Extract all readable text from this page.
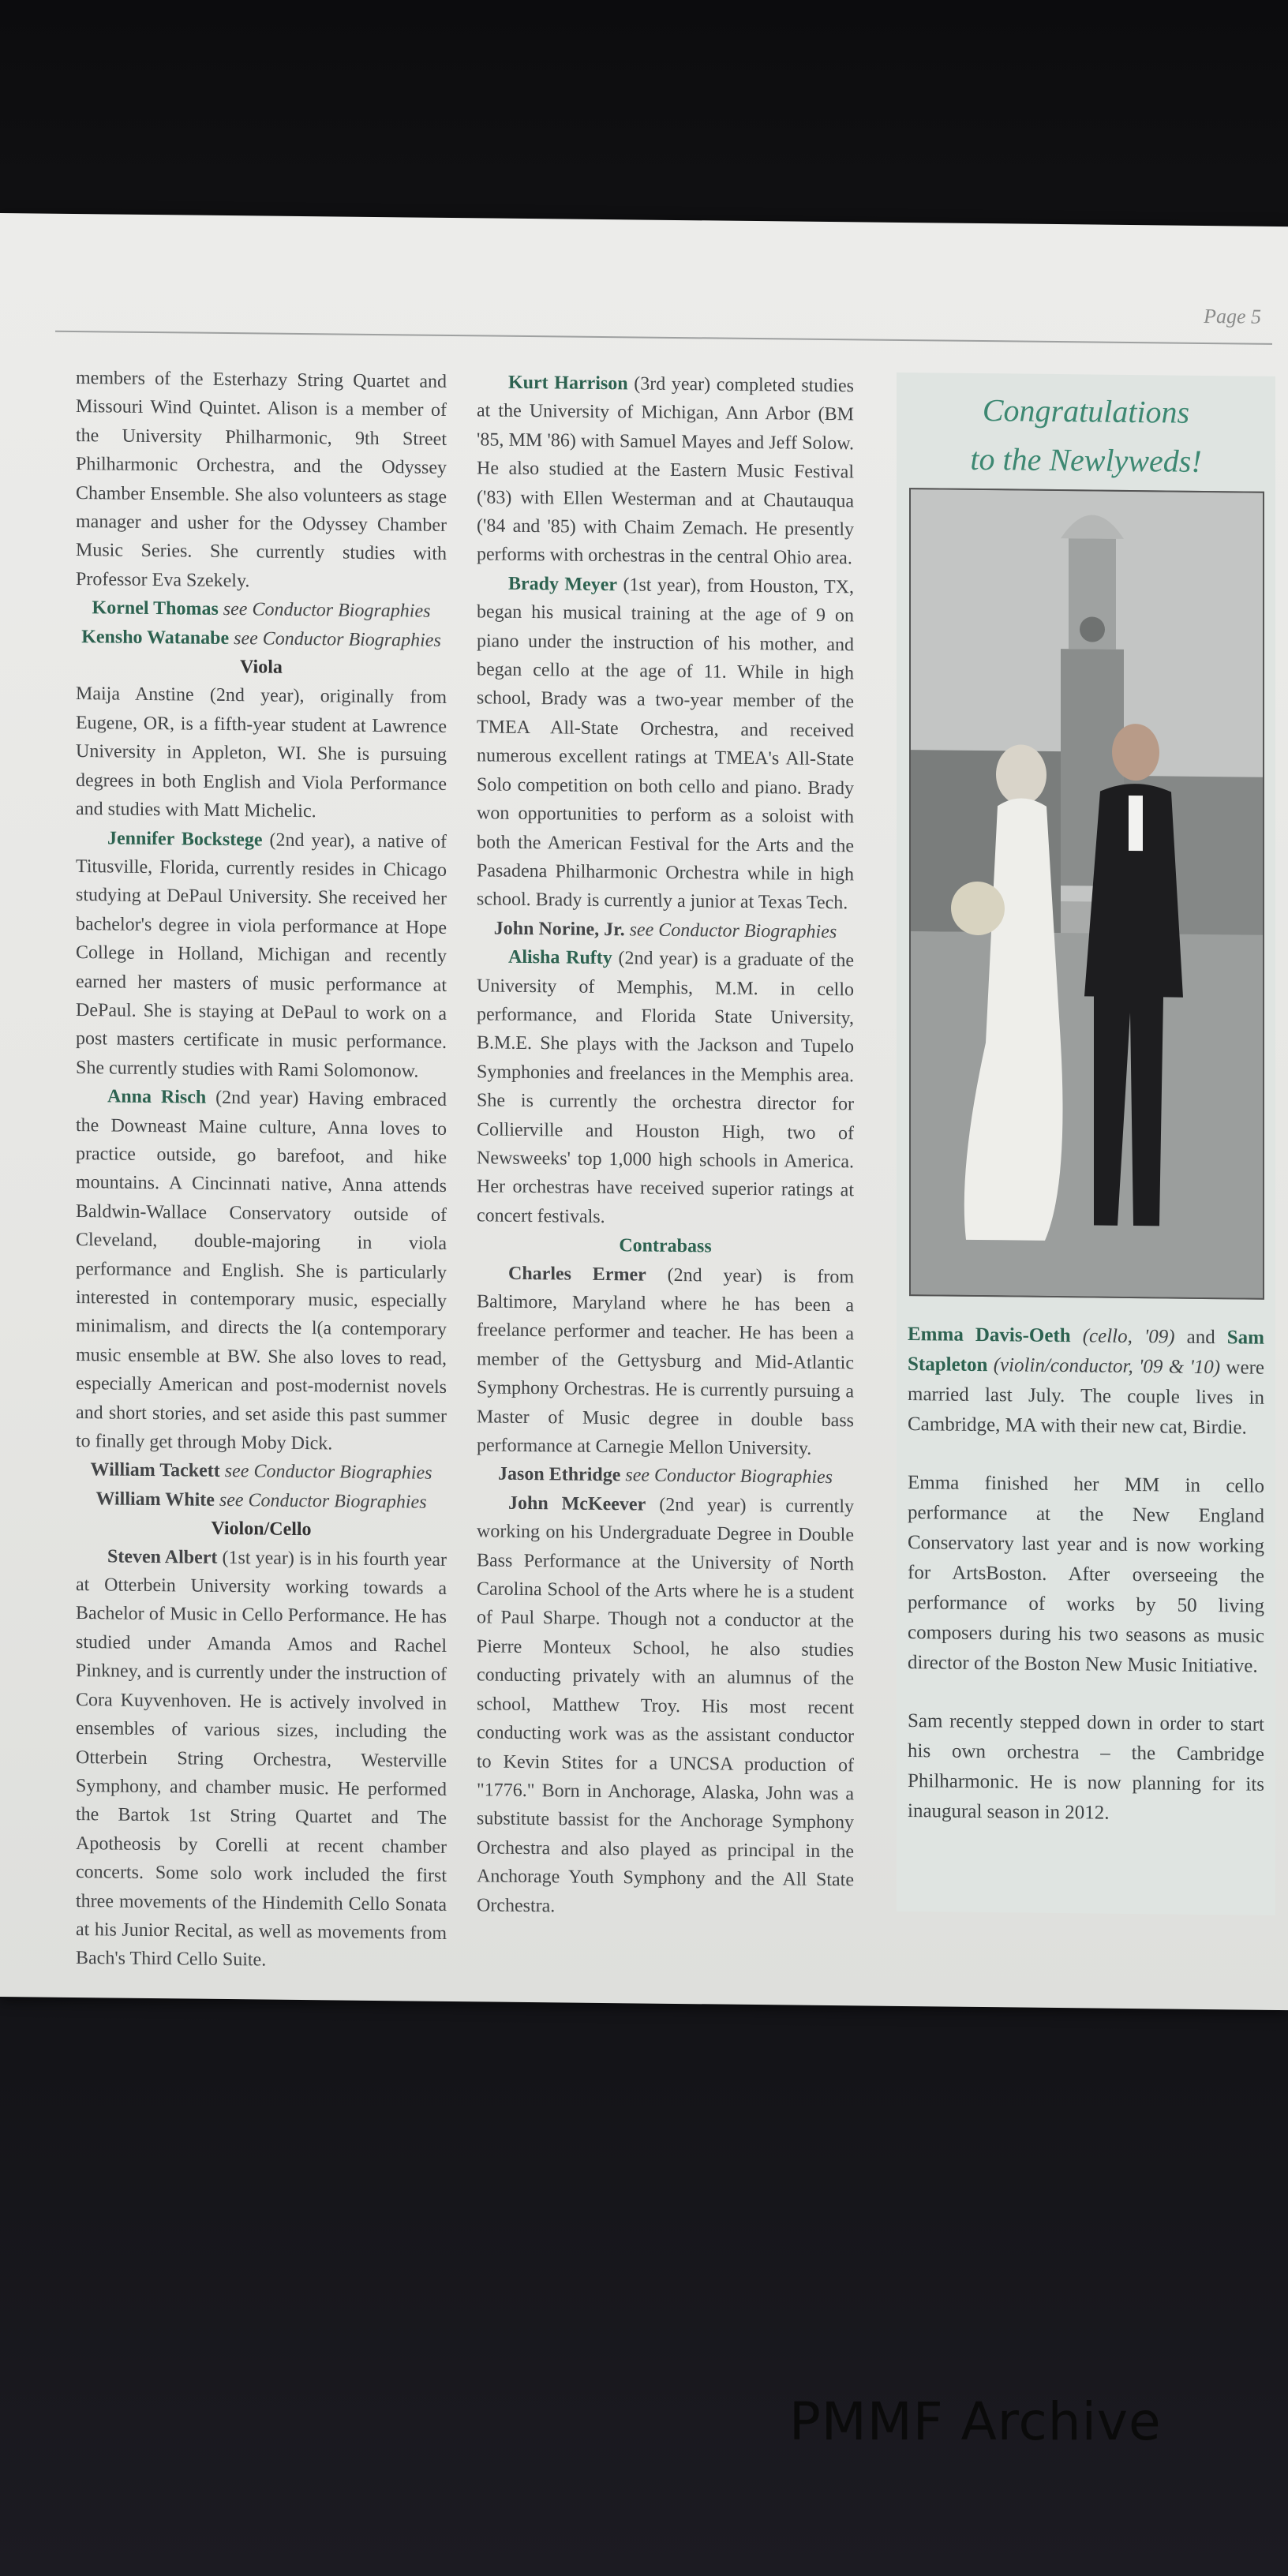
Page 5

members of the Esterhazy String Quartet and Missouri Wind Quintet. Alison is a member of the University Philharmonic, 9th Street Philharmonic Orchestra, and the Odyssey Chamber Ensemble. She also volunteers as stage manager and usher for the Odyssey Chamber Music Series. She currently studies with Professor Eva Szekely.

Kornel Thomas see Conductor Biographies

Kensho Watanabe see Conductor Biographies

Viola

Maija Anstine (2nd year), originally from Eugene, OR, is a fifth-year student at Lawrence University in Appleton, WI. She is pursuing degrees in both English and Viola Performance and studies with Matt Michelic.

Jennifer Bockstege (2nd year), a native of Titusville, Florida, currently resides in Chicago studying at DePaul University. She received her bachelor's degree in viola performance at Hope College in Holland, Michigan and recently earned her masters of music performance at DePaul. She is staying at DePaul to work on a post masters certificate in music performance. She currently studies with Rami Solomonow.

Anna Risch (2nd year) Having embraced the Downeast Maine culture, Anna loves to practice outside, go barefoot, and hike mountains. A Cincinnati native, Anna attends Baldwin-Wallace Conservatory outside of Cleveland, double-majoring in viola performance and English. She is particularly interested in contemporary music, especially minimalism, and directs the l(a contemporary music ensemble at BW. She also loves to read, especially American and post-modernist novels and short stories, and set aside this past summer to finally get through Moby Dick.

William Tackett see Conductor Biographies

William White see Conductor Biographies

Violon/Cello

Steven Albert (1st year) is in his fourth year at Otterbein University working towards a Bachelor of Music in Cello Performance. He has studied under Amanda Amos and Rachel Pinkney, and is currently under the instruction of Cora Kuyvenhoven. He is actively involved in ensembles of various sizes, including the Otterbein String Orchestra, Westerville Symphony, and chamber music. He performed the Bartok 1st String Quartet and The Apotheosis by Corelli at recent chamber concerts. Some solo work included the first three movements of the Hindemith Cello Sonata at his Junior Recital, as well as movements from Bach's Third Cello Suite.

Kurt Harrison (3rd year) completed studies at the University of Michigan, Ann Arbor (BM '85, MM '86) with Samuel Mayes and Jeff Solow. He also studied at the Eastern Music Festival ('83) with Ellen Westerman and at Chautauqua ('84 and '85) with Chaim Zemach. He presently performs with orchestras in the central Ohio area.

Brady Meyer (1st year), from Houston, TX, began his musical training at the age of 9 on piano under the instruction of his mother, and began cello at the age of 11. While in high school, Brady was a two-year member of the TMEA All-State Orchestra, and received numerous excellent ratings at TMEA's All-State Solo competition on both cello and piano. Brady won opportunities to perform as a soloist with both the American Festival for the Arts and the Pasadena Philharmonic Orchestra while in high school. Brady is currently a junior at Texas Tech.

John Norine, Jr. see Conductor Biographies

Alisha Rufty (2nd year) is a graduate of the University of Memphis, M.M. in cello performance, and Florida State University, B.M.E. She plays with the Jackson and Tupelo Symphonies and freelances in the Memphis area. She is currently the orchestra director for Collierville and Houston High, two of Newsweeks' top 1,000 high schools in America. Her orchestras have received superior ratings at concert festivals.

Contrabass

Charles Ermer (2nd year) is from Baltimore, Maryland where he has been a freelance performer and teacher. He has been a member of the Gettysburg and Mid-Atlantic Symphony Orchestras. He is currently pursuing a Master of Music degree in double bass performance at Carnegie Mellon University.

Jason Ethridge see Conductor Biographies

John McKeever (2nd year) is currently working on his Undergraduate Degree in Double Bass Performance at the University of North Carolina School of the Arts where he is a student of Paul Sharpe. Though not a conductor at the Pierre Monteux School, he also studies conducting privately with an alumnus of the school, Matthew Troy. His most recent conducting work was as the assistant conductor to Kevin Stites for a UNCSA production of "1776." Born in Anchorage, Alaska, John was a substitute bassist for the Anchorage Symphony Orchestra and also played as principal in the Anchorage Youth Symphony and the All State Orchestra.

Congratulations
to the Newlyweds!

Emma Davis-Oeth (cello, '09) and Sam Stapleton (violin/conductor, '09 & '10) were married last July. The couple lives in Cambridge, MA with their new cat, Birdie.

Emma finished her MM in cello performance at the New England Conservatory last year and is now working for ArtsBoston. After overseeing the performance of works by 50 living composers during his two seasons as music director of the Boston New Music Initiative.

Sam recently stepped down in order to start his own orchestra – the Cambridge Philharmonic. He is now planning for its inaugural season in 2012.

PMMF Archive
